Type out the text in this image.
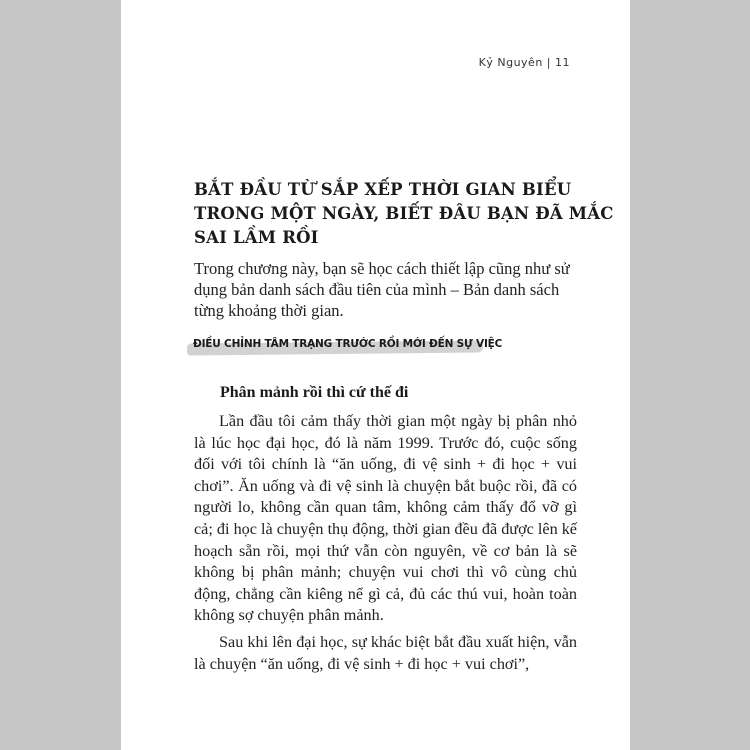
Kỷ Nguyên | 11
BẮT ĐẦU TỪ SẮP XẾP THỜI GIAN BIỂU TRONG MỘT NGÀY, BIẾT ĐÂU BẠN ĐÃ MẮC SAI LẦM RỒI

Trong chương này, bạn sẽ học cách thiết lập cũng như sử dụng bản danh sách đầu tiên của mình – Bản danh sách từng khoảng thời gian.

ĐIỀU CHỈNH TÂM TRẠNG TRƯỚC RỒI MỚI ĐẾN SỰ VIỆC
Phân mảnh rồi thì cứ thế đi

Lần đầu tôi cảm thấy thời gian một ngày bị phân nhỏ là lúc học đại học, đó là năm 1999. Trước đó, cuộc sống đối với tôi chính là “ăn uống, đi vệ sinh + đi học + vui chơi”. Ăn uống và đi vệ sinh là chuyện bắt buộc rồi, đã có người lo, không cần quan tâm, không cảm thấy đổ vỡ gì cả; đi học là chuyện thụ động, thời gian đều đã được lên kế hoạch sẵn rồi, mọi thứ vẫn còn nguyên, về cơ bản là sẽ không bị phân mảnh; chuyện vui chơi thì vô cùng chủ động, chẳng cần kiêng nể gì cả, đủ các thú vui, hoàn toàn không sợ chuyện phân mảnh.

Sau khi lên đại học, sự khác biệt bắt đầu xuất hiện, vẫn là chuyện “ăn uống, đi vệ sinh + đi học + vui chơi”,
